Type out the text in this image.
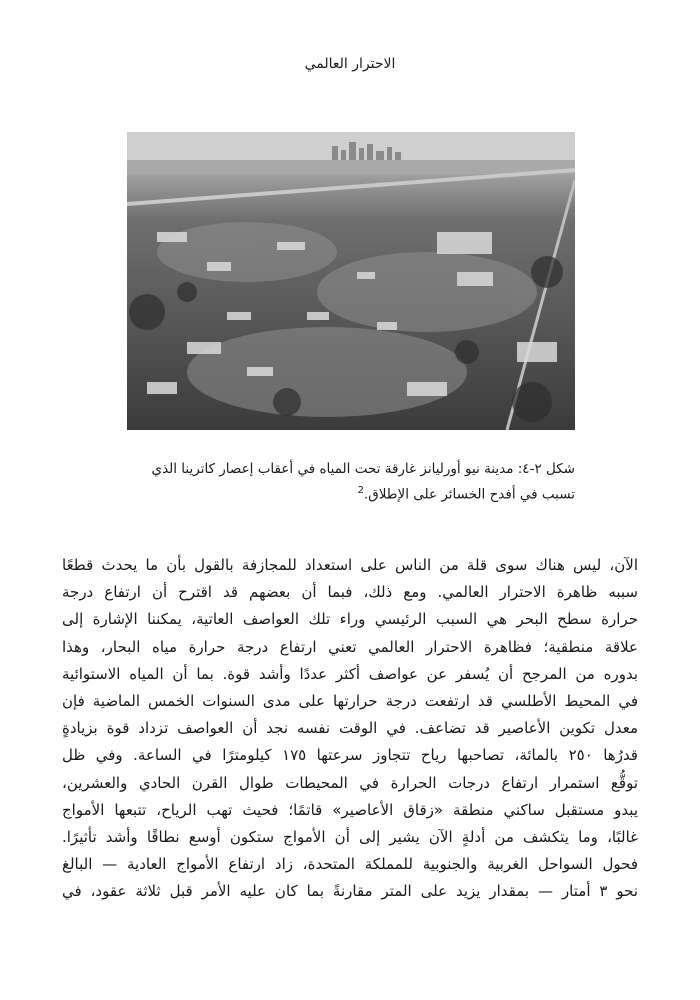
الاحترار العالمي
شكل ٢-٤: مدينة نيو أورليانز غارقة تحت المياه في أعقاب إعصار كاترينا الذي تسبب في أفدح الخسائر على الإطلاق.$^2$
الآن، ليس هناك سوى قلة من الناس على استعداد للمجازفة بالقول بأن ما يحدث قطعًا
سببه ظاهرة الاحترار العالمي. ومع ذلك، فبما أن بعضهم قد اقترح أن ارتفاع درجة
حرارة سطح البحر هي السبب الرئيسي وراء تلك العواصف العاتية، يمكننا الإشارة إلى
علاقة منطقية؛ فظاهرة الاحترار العالمي تعني ارتفاع درجة حرارة مياه البحار، وهذا
بدوره من المرجح أن يُسفر عن عواصف أكثر عددًا وأشد قوة. بما أن المياه الاستوائية
في المحيط الأطلسي قد ارتفعت درجة حرارتها على مدى السنوات الخمس الماضية فإن
معدل تكوين الأعاصير قد تضاعف. في الوقت نفسه نجد أن العواصف تزداد قوة بزيادةٍ
قدرُها ٢٥٠ بالمائة، تصاحبها رياح تتجاوز سرعتها ١٧٥ كيلومترًا في الساعة. وفي ظل
توقُّع استمرار ارتفاع درجات الحرارة في المحيطات طوال القرن الحادي والعشرين،
يبدو مستقبل ساكني منطقة «زقاق الأعاصير» قاتمًا؛ فحيث تهب الرياح، تتبعها الأمواج
غالبًا، وما يتكشف من أدلةٍ الآن يشير إلى أن الأمواج ستكون أوسع نطاقًا وأشد تأثيرًا.
فحول السواحل الغربية والجنوبية للمملكة المتحدة، زاد ارتفاع الأمواج العادية — البالغ
نحو ٣ أمتار — بمقدار يزيد على المتر مقارنةً بما كان عليه الأمر قبل ثلاثة عقود، في
